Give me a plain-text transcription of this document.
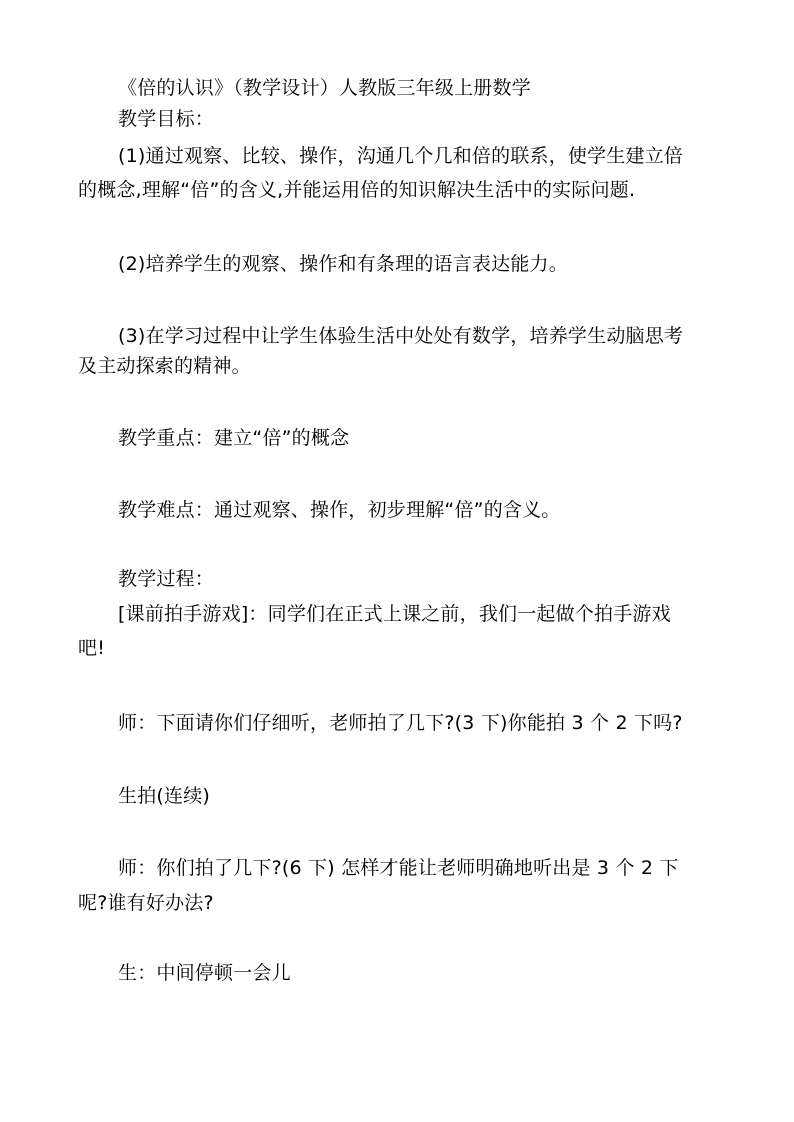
《倍的认识》（教学设计）人教版三年级上册数学
教学目标：
(1)通过观察、比较、操作，沟通几个几和倍的联系，使学生建立倍
的概念,理解“倍”的含义,并能运用倍的知识解决生活中的实际问题.
(2)培养学生的观察、操作和有条理的语言表达能力。
(3)在学习过程中让学生体验生活中处处有数学，培养学生动脑思考
及主动探索的精神。
教学重点：建立“倍”的概念
教学难点：通过观察、操作，初步理解“倍”的含义。
教学过程：
[课前拍手游戏]：同学们在正式上课之前，我们一起做个拍手游戏
吧!
师：下面请你们仔细听，老师拍了几下?(3 下)你能拍 3 个 2 下吗?
生拍(连续)
师：你们拍了几下?(6 下) 怎样才能让老师明确地听出是 3 个 2 下
呢?谁有好办法?
生：中间停顿一会儿
